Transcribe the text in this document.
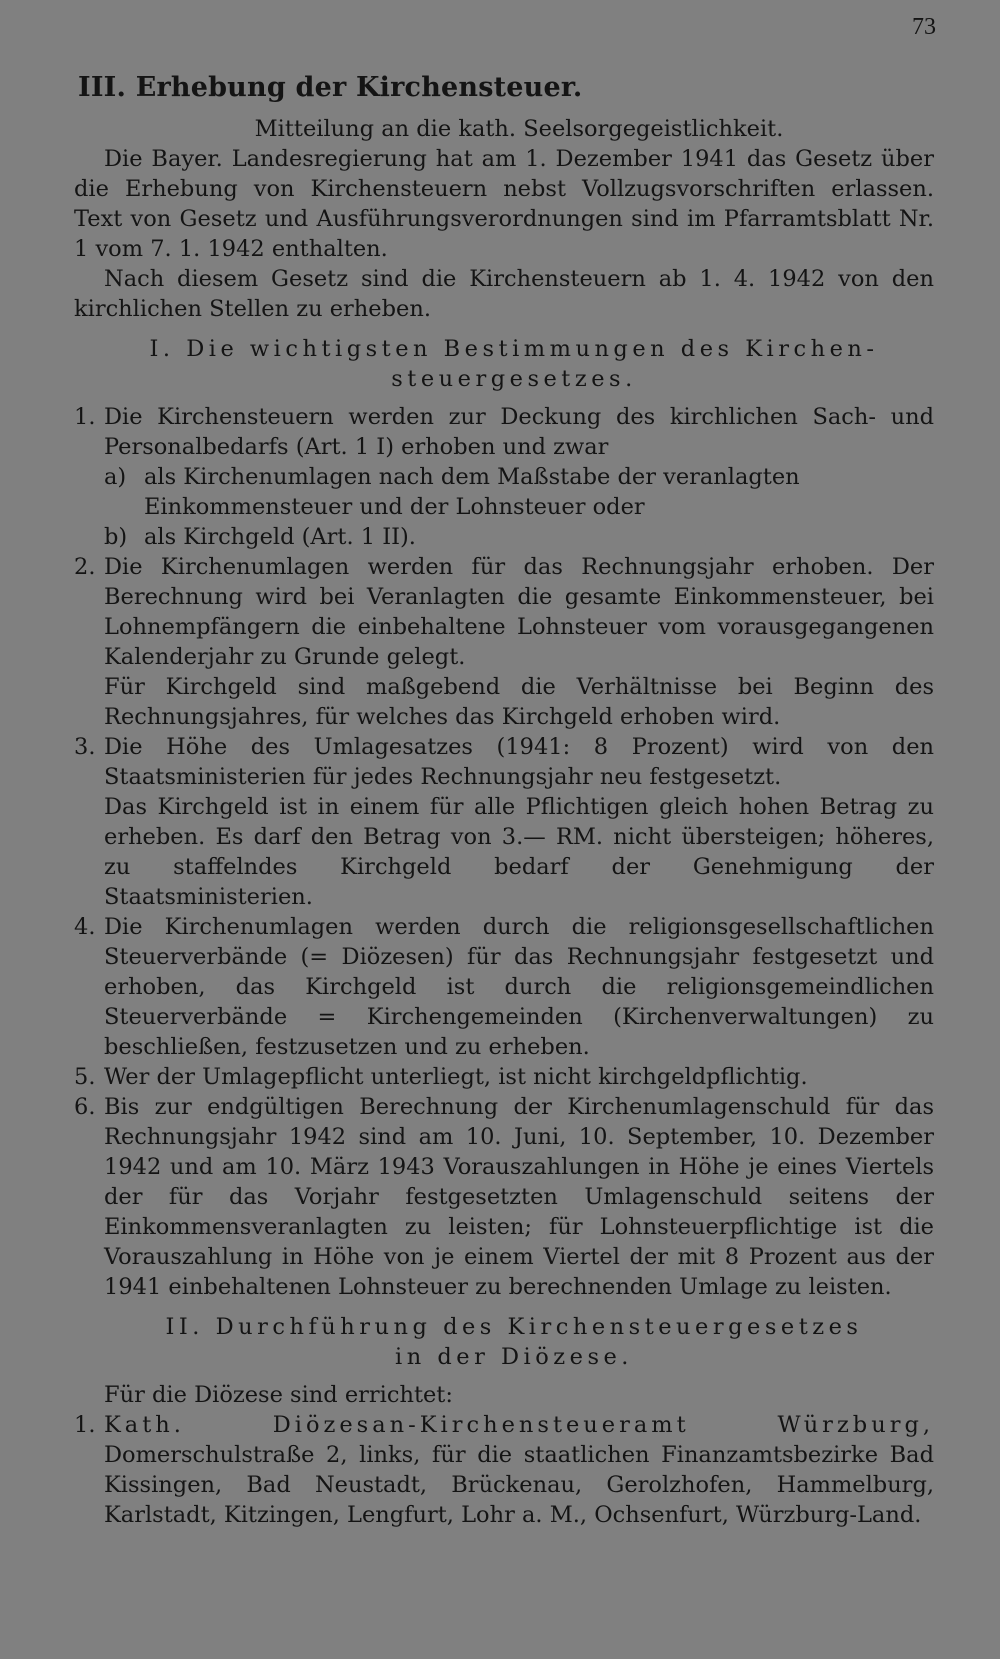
73
III. Erhebung der Kirchensteuer.

Mitteilung an die kath. Seelsorgegeistlichkeit.

Die Bayer. Landesregierung hat am 1. Dezember 1941 das Gesetz über die Erhebung von Kirchensteuern nebst Vollzugsvorschriften erlassen. Text von Gesetz und Ausführungsverordnungen sind im Pfarramtsblatt Nr. 1 vom 7. 1. 1942 enthalten.

Nach diesem Gesetz sind die Kirchensteuern ab 1. 4. 1942 von den kirchlichen Stellen zu erheben.

I. Die wichtigsten Bestimmungen des Kirchen-
steuergesetzes.
1. Die Kirchensteuern werden zur Deckung des kirchlichen Sach- und Personalbedarfs (Art. 1 I) erhoben und zwar

a) als Kirchenumlagen nach dem Maßstabe der veranlagten Einkommensteuer und der Lohnsteuer oder
b) als Kirchgeld (Art. 1 II).
2. Die Kirchenumlagen werden für das Rechnungsjahr erhoben. Der Berechnung wird bei Veranlagten die gesamte Einkommensteuer, bei Lohnempfängern die einbehaltene Lohnsteuer vom vorausgegangenen Kalenderjahr zu Grunde gelegt.

Für Kirchgeld sind maßgebend die Verhältnisse bei Beginn des Rechnungsjahres, für welches das Kirchgeld erhoben wird.

3. Die Höhe des Umlagesatzes (1941: 8 Prozent) wird von den Staatsministerien für jedes Rechnungsjahr neu festgesetzt.

Das Kirchgeld ist in einem für alle Pflichtigen gleich hohen Betrag zu erheben. Es darf den Betrag von 3.— RM. nicht übersteigen; höheres, zu staffelndes Kirchgeld bedarf der Genehmigung der Staatsministerien.

4. Die Kirchenumlagen werden durch die religionsgesellschaftlichen Steuerverbände (= Diözesen) für das Rechnungsjahr festgesetzt und erhoben, das Kirchgeld ist durch die religionsgemeindlichen Steuerverbände = Kirchengemeinden (Kirchenverwaltungen) zu beschließen, festzusetzen und zu erheben.

5. Wer der Umlagepflicht unterliegt, ist nicht kirchgeldpflichtig.

6. Bis zur endgültigen Berechnung der Kirchenumlagenschuld für das Rechnungsjahr 1942 sind am 10. Juni, 10. September, 10. Dezember 1942 und am 10. März 1943 Vorauszahlungen in Höhe je eines Viertels der für das Vorjahr festgesetzten Umlagenschuld seitens der Einkommensveranlagten zu leisten; für Lohnsteuerpflichtige ist die Vorauszahlung in Höhe von je einem Viertel der mit 8 Prozent aus der 1941 einbehaltenen Lohnsteuer zu berechnenden Umlage zu leisten.

II. Durchführung des Kirchensteuergesetzes
in der Diözese.

Für die Diözese sind errichtet:

1. Kath. Diözesan-Kirchensteueramt Würzburg, Domerschulstraße 2, links, für die staatlichen Finanzamtsbezirke Bad Kissingen, Bad Neustadt, Brückenau, Gerolzhofen, Hammelburg, Karlstadt, Kitzingen, Lengfurt, Lohr a. M., Ochsenfurt, Würzburg-Land.
